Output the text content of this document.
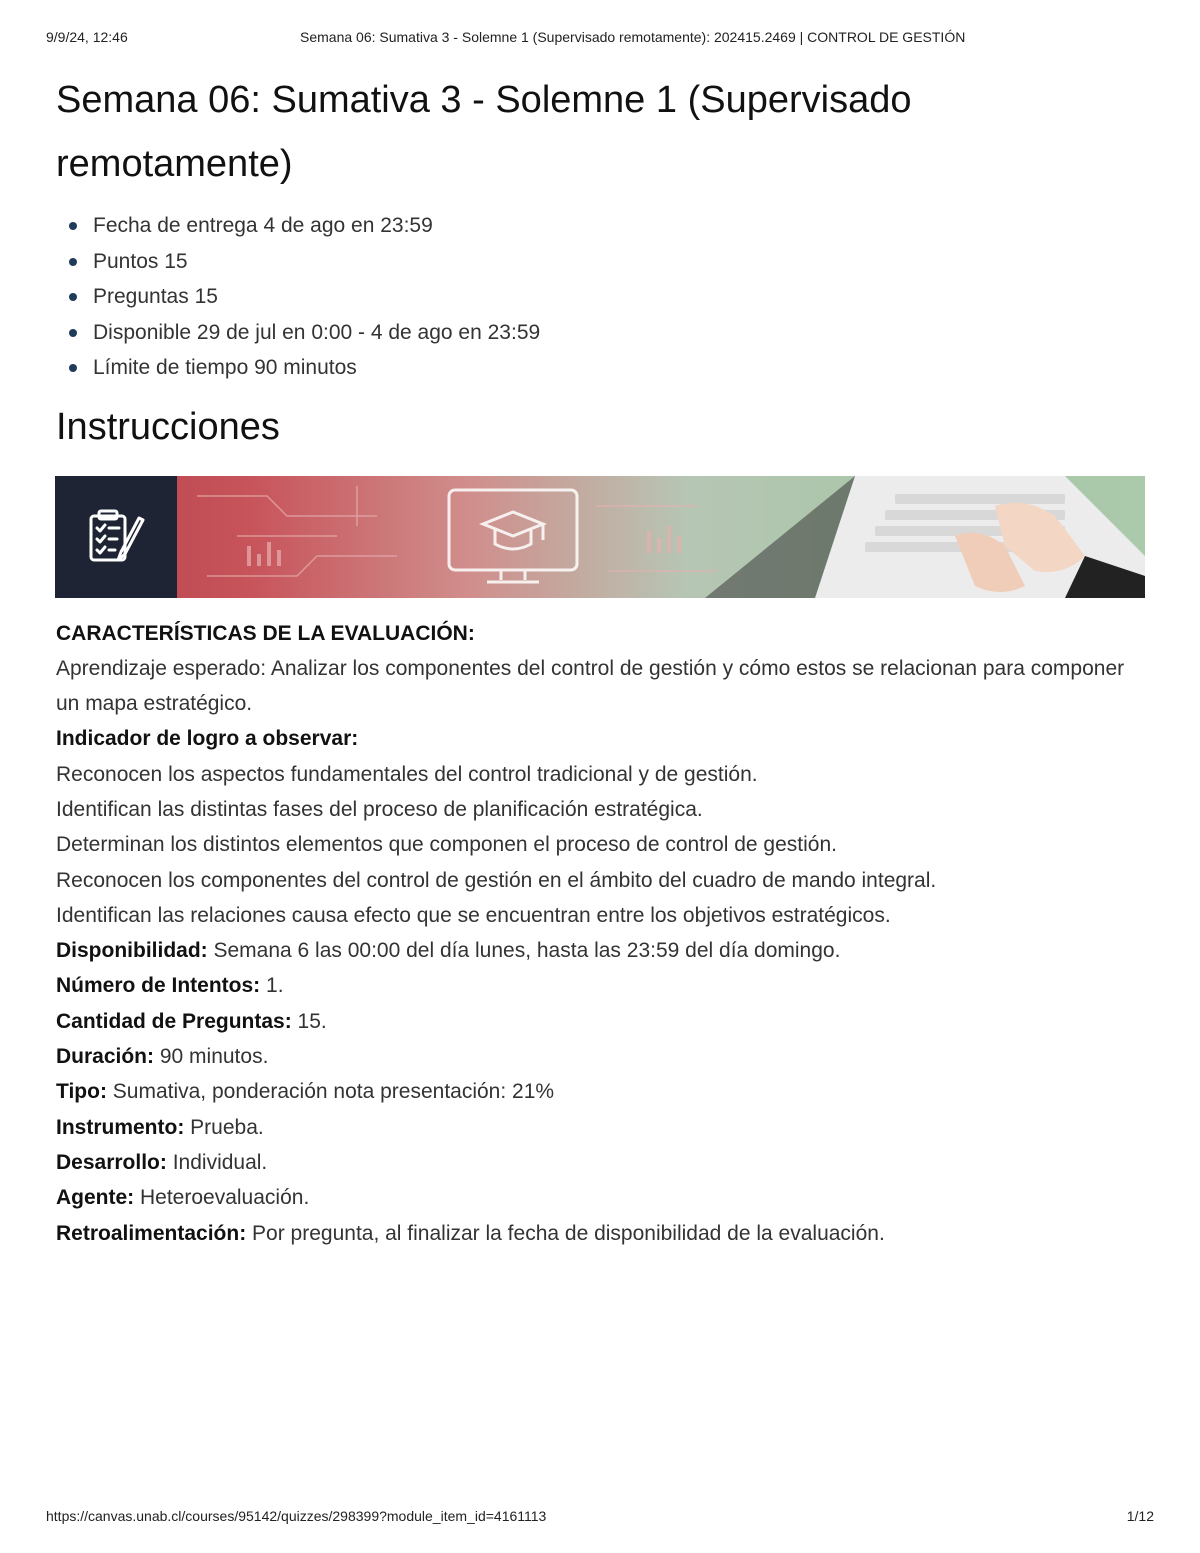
9/9/24, 12:46	Semana 06: Sumativa 3 - Solemne 1 (Supervisado remotamente): 202415.2469 | CONTROL DE GESTIÓN
Semana 06: Sumativa 3 - Solemne 1 (Supervisado remotamente)
Fecha de entrega 4 de ago en 23:59
Puntos 15
Preguntas 15
Disponible 29 de jul en 0:00 - 4 de ago en 23:59
Límite de tiempo 90 minutos
Instrucciones

CARACTERÍSTICAS DE LA EVALUACIÓN:

Aprendizaje esperado: Analizar los componentes del control de gestión y cómo estos se relacionan para componer un mapa estratégico.

Indicador de logro a observar:

Reconocen los aspectos fundamentales del control tradicional y de gestión.

Identifican las distintas fases del proceso de planificación estratégica.

Determinan los distintos elementos que componen el proceso de control de gestión.

Reconocen los componentes del control de gestión en el ámbito del cuadro de mando integral.

Identifican las relaciones causa efecto que se encuentran entre los objetivos estratégicos.

Disponibilidad: Semana 6 las 00:00 del día lunes, hasta las 23:59 del día domingo.

Número de Intentos: 1.

Cantidad de Preguntas: 15.

Duración: 90 minutos.

Tipo: Sumativa, ponderación nota presentación: 21%

Instrumento: Prueba.

Desarrollo: Individual.

Agente: Heteroevaluación.

Retroalimentación: Por pregunta, al finalizar la fecha de disponibilidad de la evaluación.

https://canvas.unab.cl/courses/95142/quizzes/298399?module_item_id=4161113	1/12
